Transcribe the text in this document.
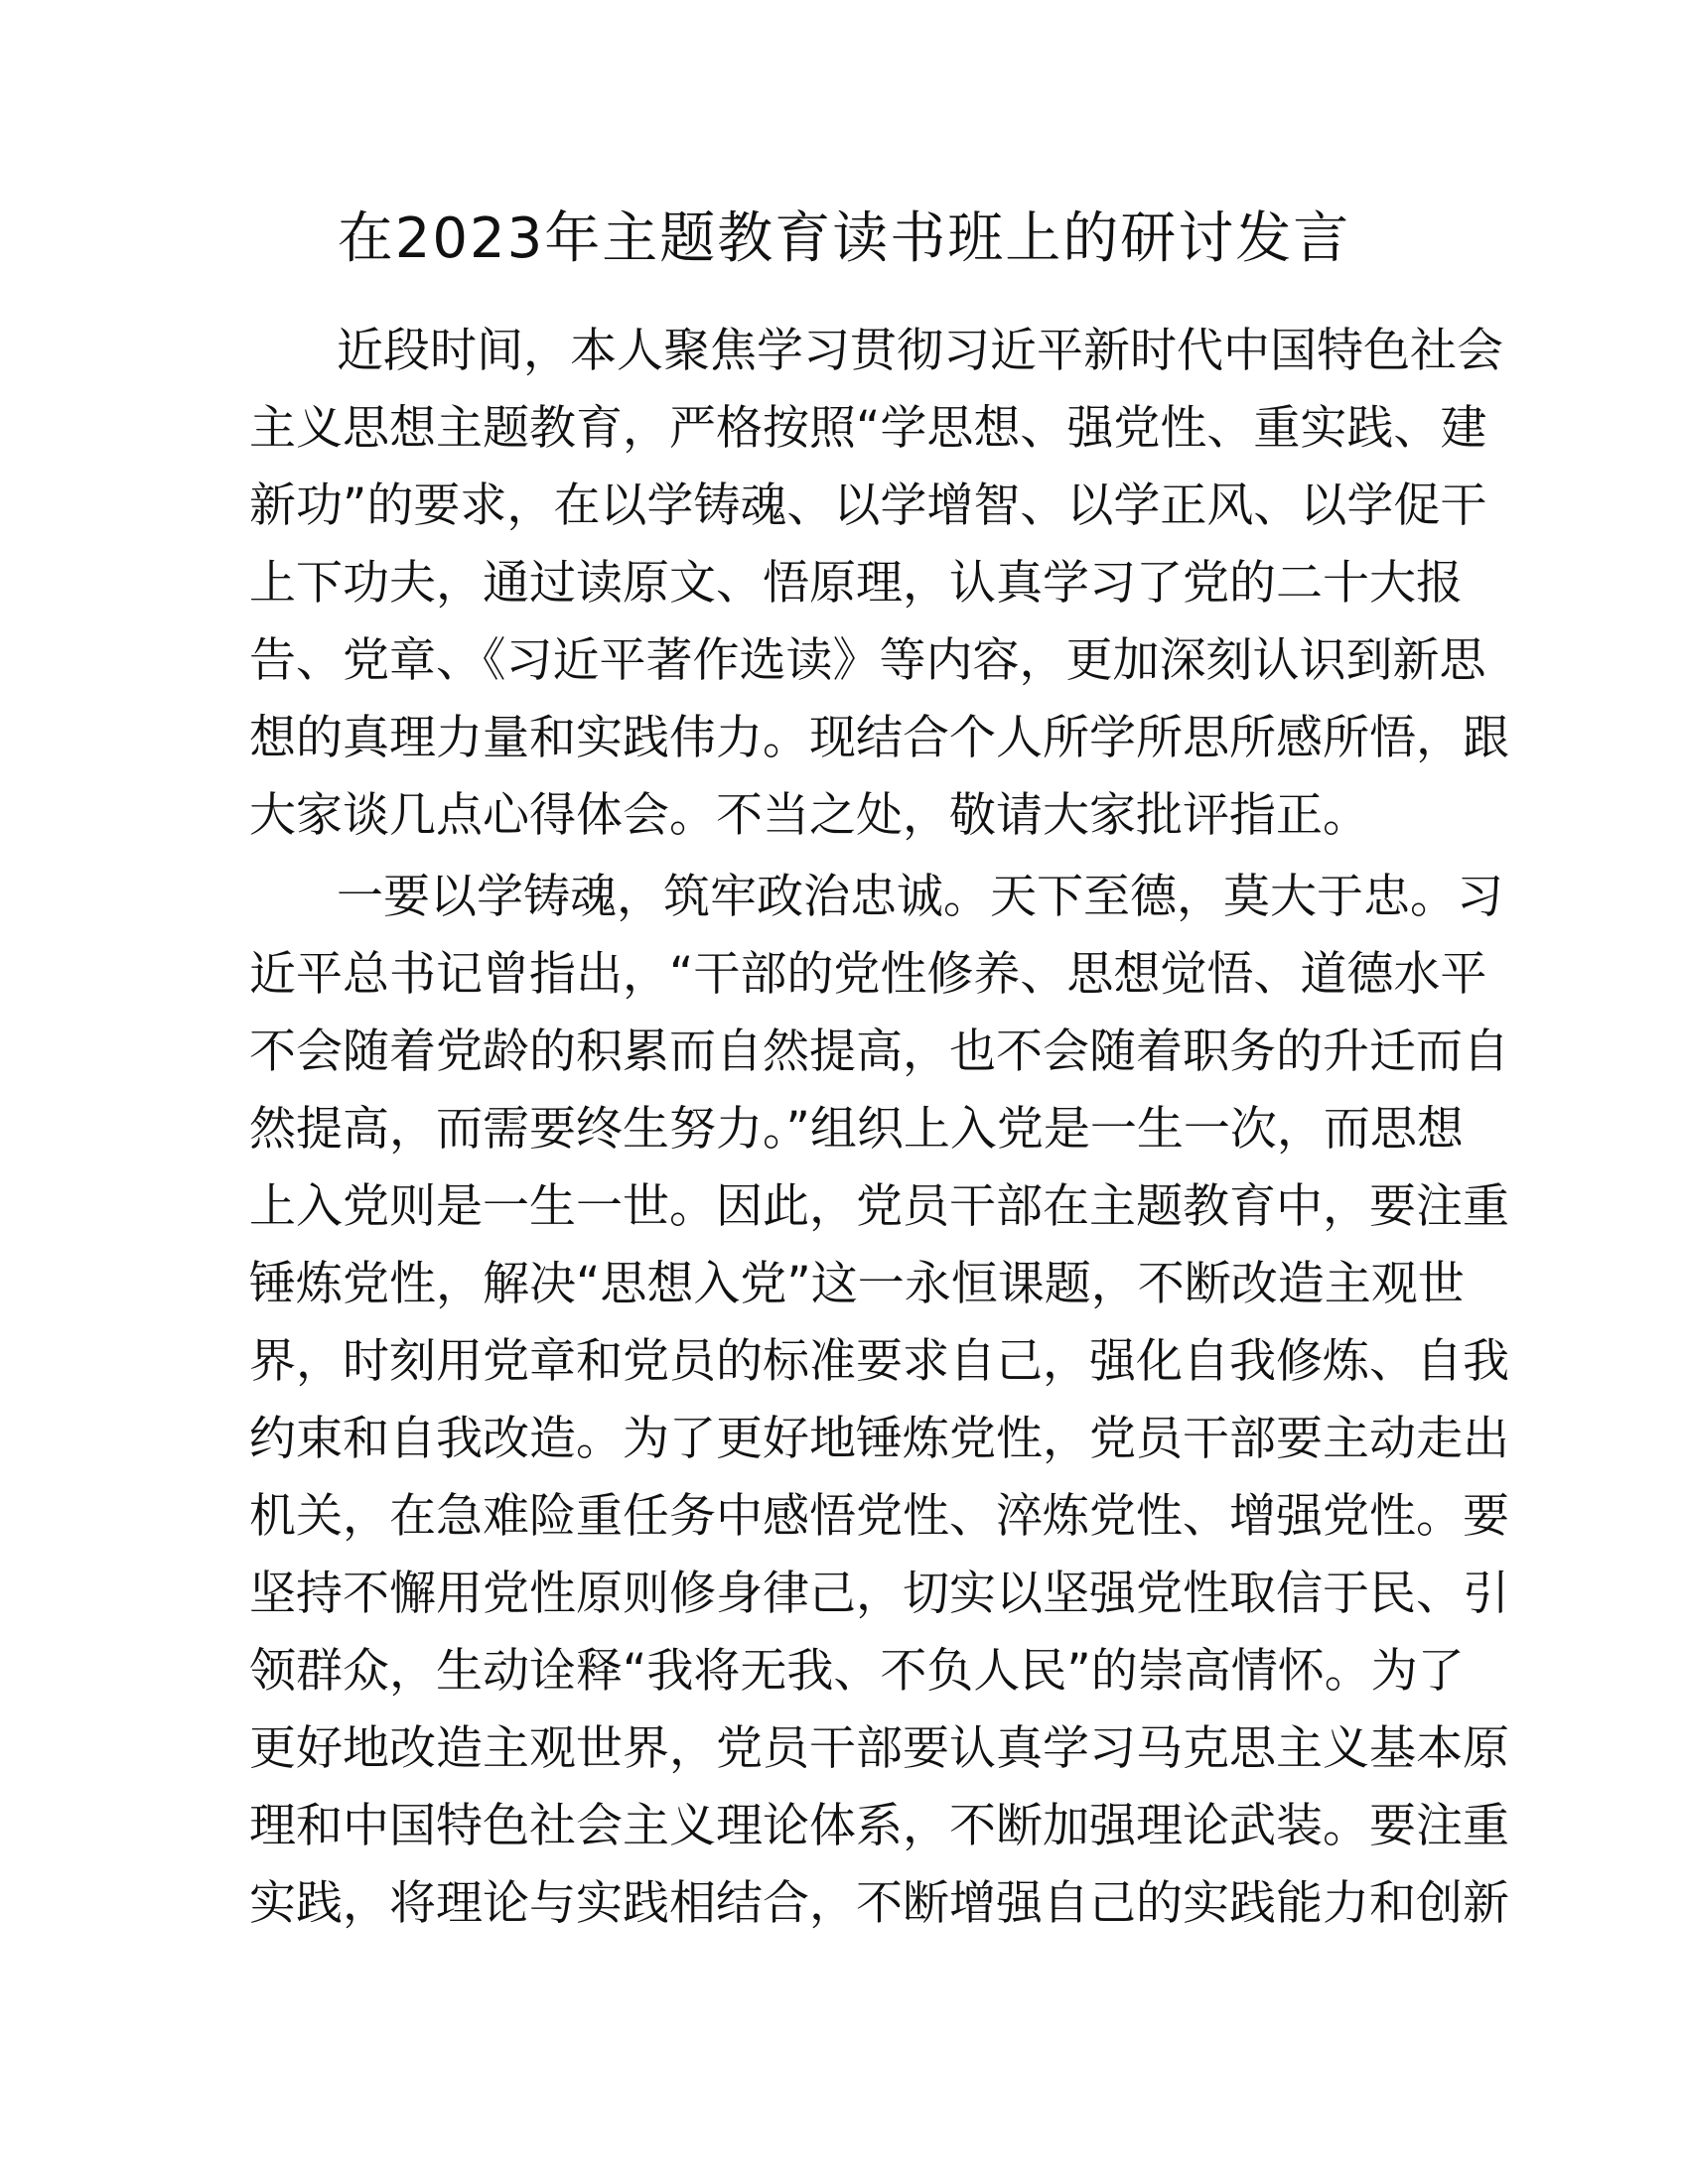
在2023年主题教育读书班上的研讨发言
近段时间，本人聚焦学习贯彻习近平新时代中国特色社会
主义思想主题教育，严格按照“学思想、强党性、重实践、建
新功”的要求，在以学铸魂、以学增智、以学正风、以学促干
上下功夫，通过读原文、悟原理，认真学习了党的二十大报
告、党章、《习近平著作选读》等内容，更加深刻认识到新思
想的真理力量和实践伟力。现结合个人所学所思所感所悟，跟
大家谈几点心得体会。不当之处，敬请大家批评指正。
一要以学铸魂，筑牢政治忠诚。天下至德，莫大于忠。习
近平总书记曾指出，“干部的党性修养、思想觉悟、道德水平
不会随着党龄的积累而自然提高，也不会随着职务的升迁而自
然提高，而需要终生努力。”组织上入党是一生一次，而思想
上入党则是一生一世。因此，党员干部在主题教育中，要注重
锤炼党性，解决“思想入党”这一永恒课题，不断改造主观世
界，时刻用党章和党员的标准要求自己，强化自我修炼、自我
约束和自我改造。为了更好地锤炼党性，党员干部要主动走出
机关，在急难险重任务中感悟党性、淬炼党性、增强党性。要
坚持不懈用党性原则修身律己，切实以坚强党性取信于民、引
领群众，生动诠释“我将无我、不负人民”的崇高情怀。为了
更好地改造主观世界，党员干部要认真学习马克思主义基本原
理和中国特色社会主义理论体系，不断加强理论武装。要注重
实践，将理论与实践相结合，不断增强自己的实践能力和创新
